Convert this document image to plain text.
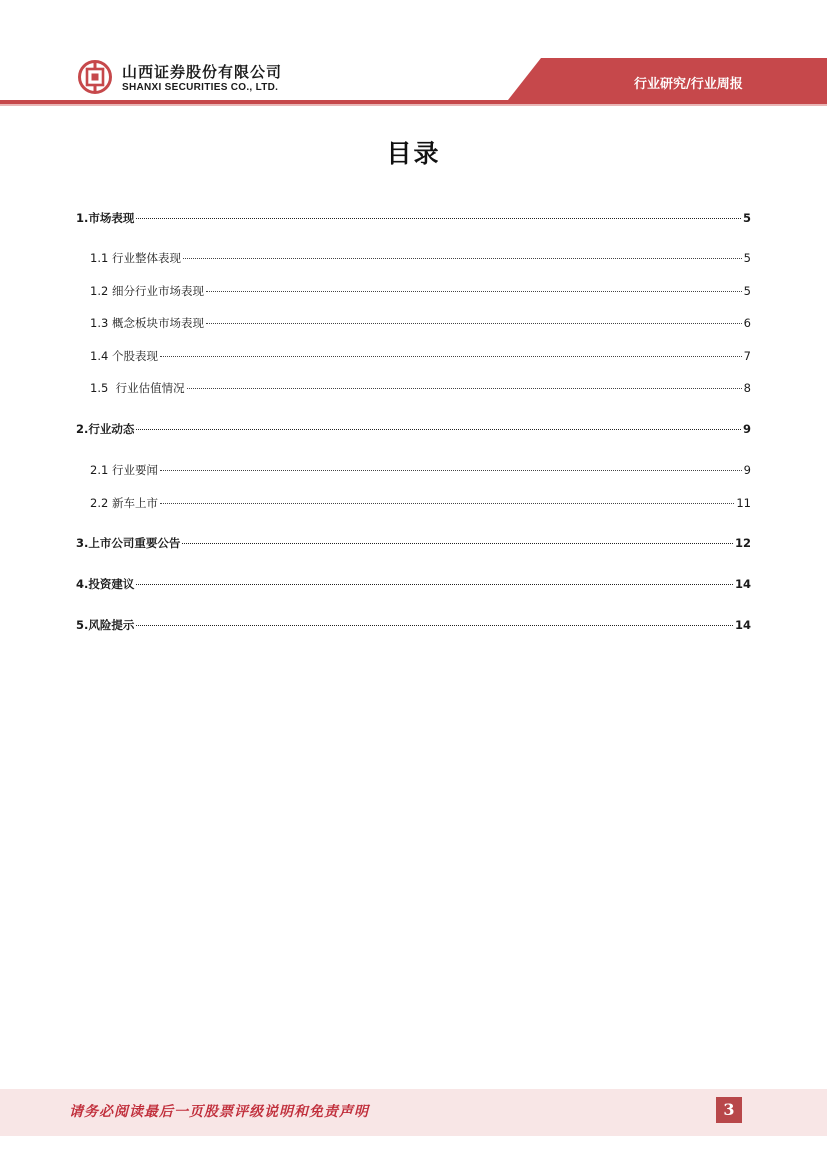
山西证券股份有限公司
SHANXI SECURITIES CO., LTD.	行业研究/行业周报
目录
1.市场表现	5
1.1 行业整体表现	5
1.2 细分行业市场表现	5
1.3 概念板块市场表现	6
1.4 个股表现	7
1.5  行业估值情况	8
2.行业动态	9
2.1 行业要闻	9
2.2 新车上市	11
3.上市公司重要公告	12
4.投资建议	14
5.风险提示	14
请务必阅读最后一页股票评级说明和免责声明	3
